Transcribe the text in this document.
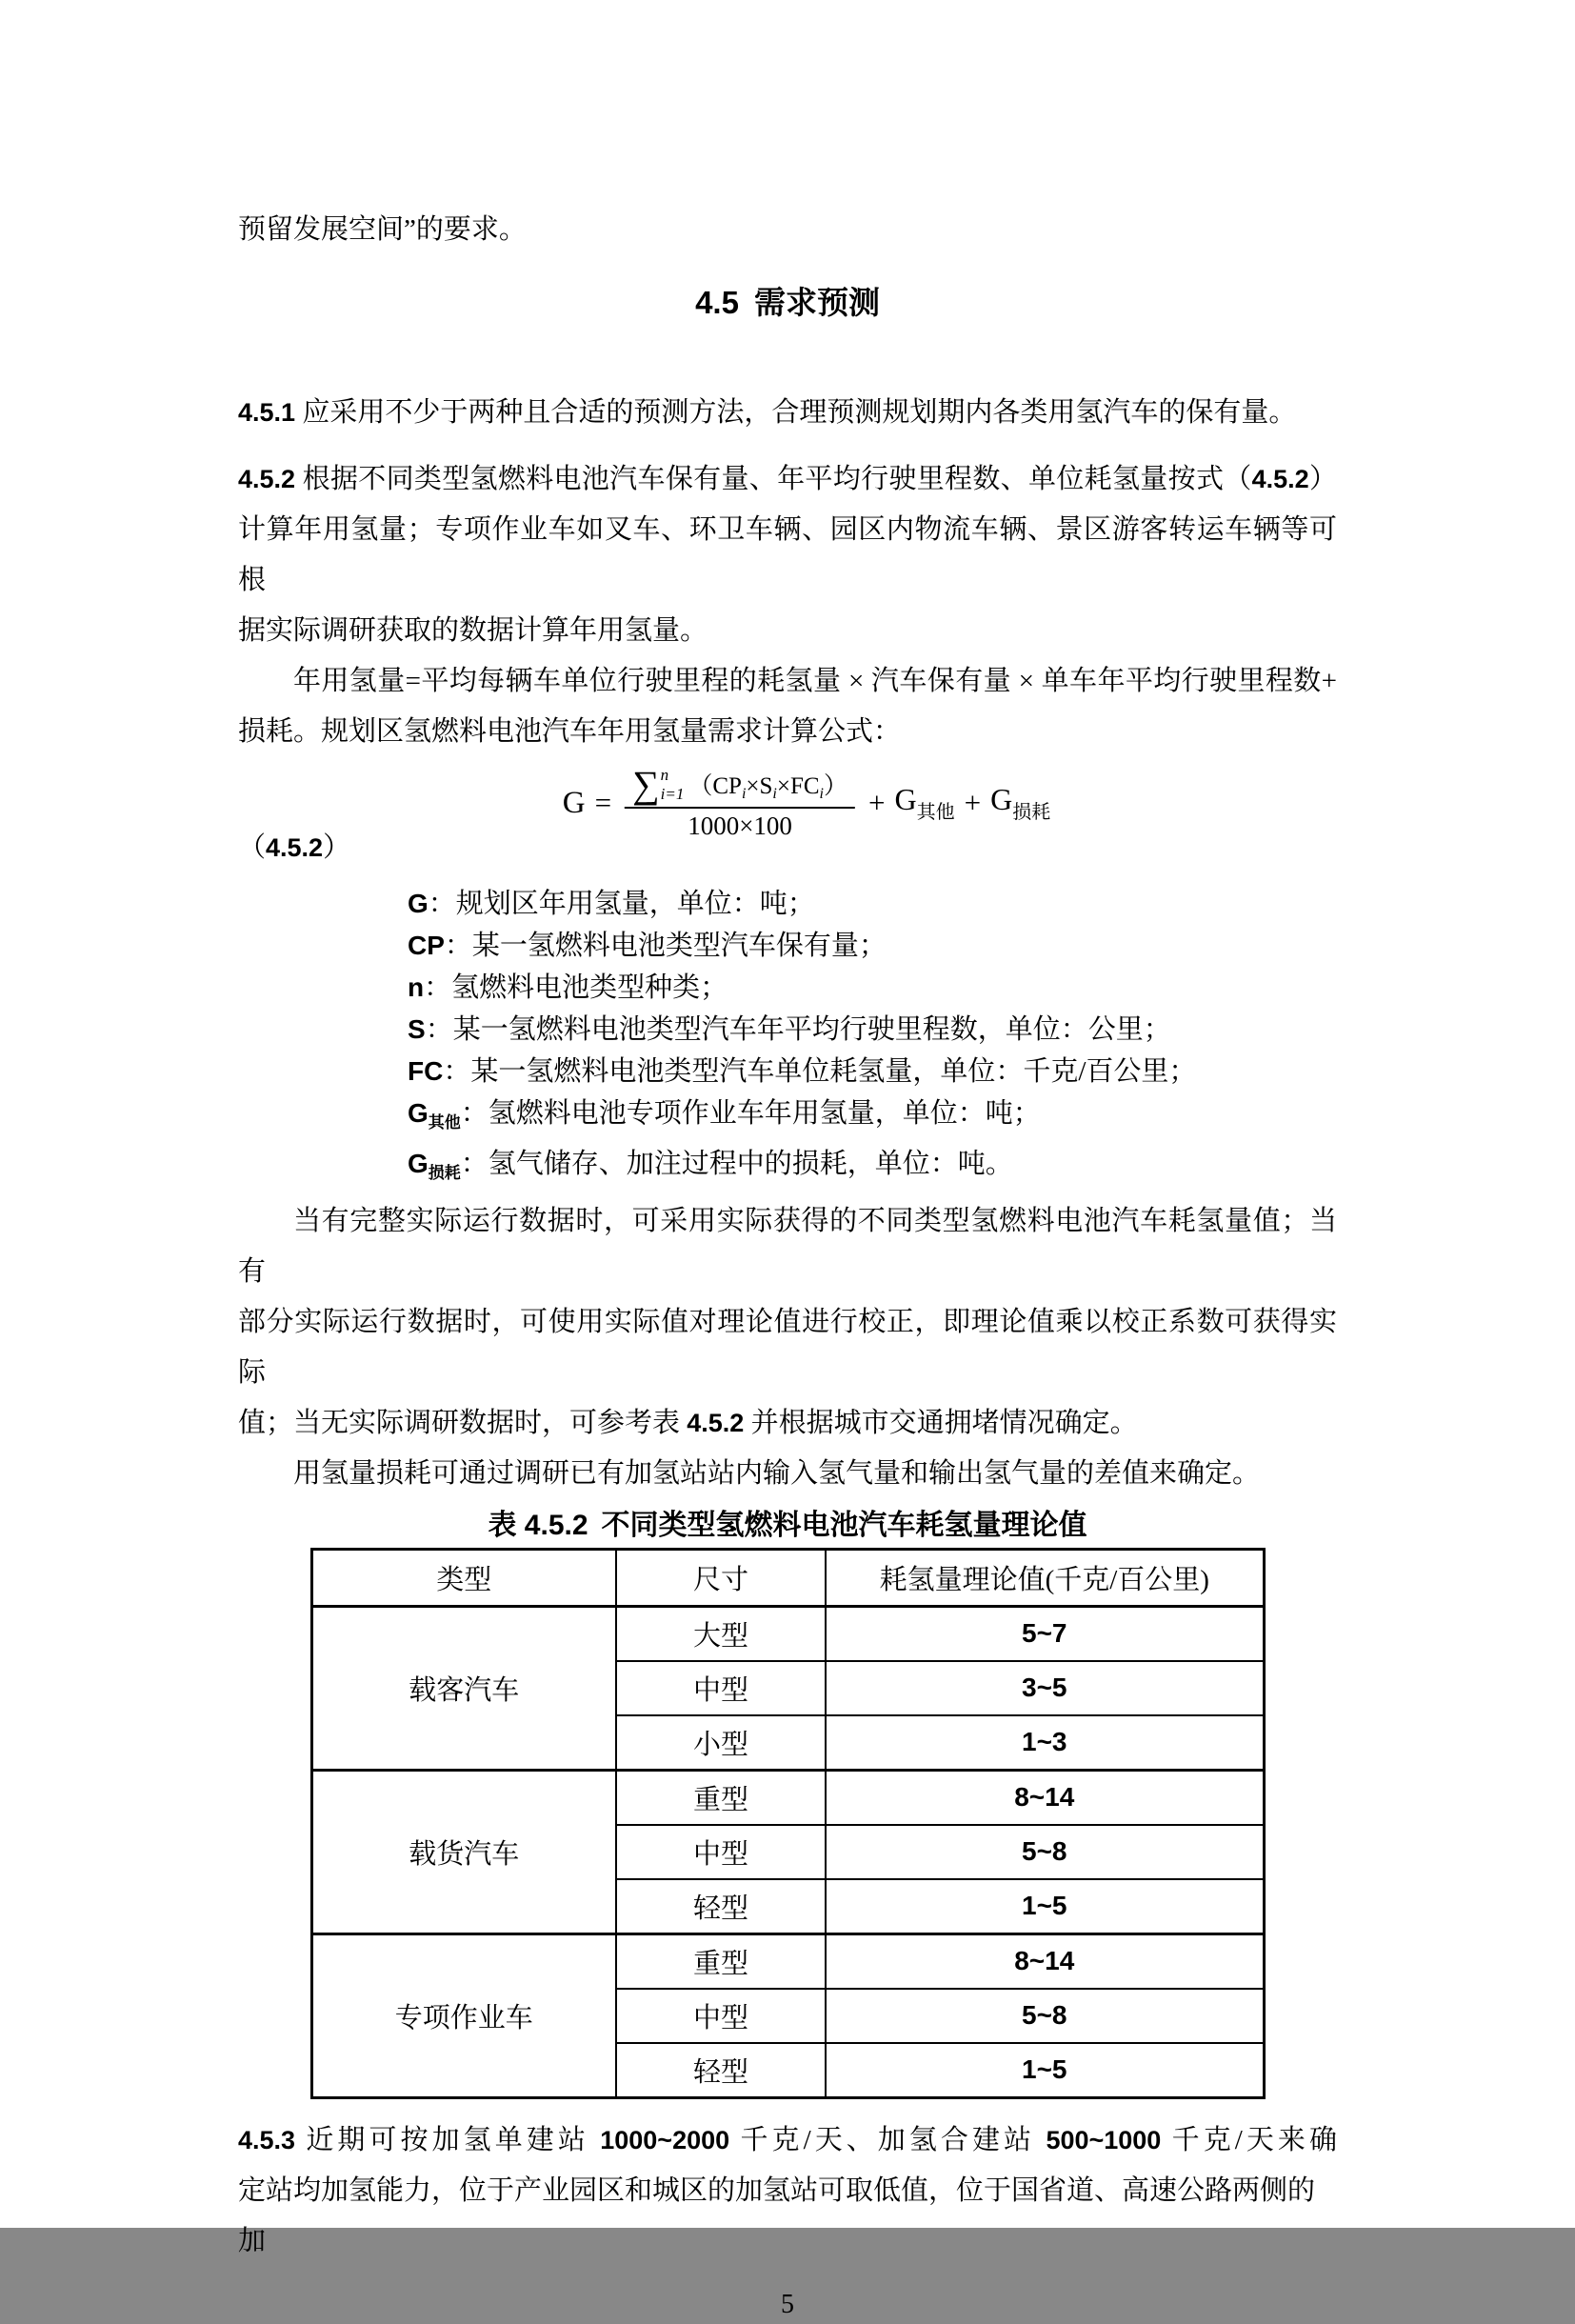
预留发展空间”的要求。
4.5 需求预测
4.5.1 应采用不少于两种且合适的预测方法，合理预测规划期内各类用氢汽车的保有量。
4.5.2 根据不同类型氢燃料电池汽车保有量、年平均行驶里程数、单位耗氢量按式（4.5.2）
计算年用氢量；专项作业车如叉车、环卫车辆、园区内物流车辆、景区游客转运车辆等可根
据实际调研获取的数据计算年用氢量。
年用氢量=平均每辆车单位行驶里程的耗氢量 × 汽车保有量 × 单车年平均行驶里程数+
损耗。规划区氢燃料电池汽车年用氢量需求计算公式：
G = ∑ n
i=1 $(CP_i\times S_i\times FC_i)$
1000×100
+ $G_{其他} + G_{损耗}$
（4.5.2）
G：规划区年用氢量，单位：吨；
CP：某一氢燃料电池类型汽车保有量；
n：氢燃料电池类型种类；
S：某一氢燃料电池类型汽车年平均行驶里程数，单位：公里；
FC：某一氢燃料电池类型汽车单位耗氢量，单位：千克/百公里；
$G_{其他}$：氢燃料电池专项作业车年用氢量，单位：吨；
$G_{损耗}$：氢气储存、加注过程中的损耗，单位：吨。
当有完整实际运行数据时，可采用实际获得的不同类型氢燃料电池汽车耗氢量值；当有
部分实际运行数据时，可使用实际值对理论值进行校正，即理论值乘以校正系数可获得实际
值；当无实际调研数据时，可参考表 4.5.2 并根据城市交通拥堵情况确定。
用氢量损耗可通过调研已有加氢站站内输入氢气量和输出氢气量的差值来确定。
表 4.5.2 不同类型氢燃料电池汽车耗氢量理论值
类型	尺寸	耗氢量理论值(千克/百公里)
载客汽车	大型	5~7
	中型	3~5
	小型	1~3
载货汽车	重型	8~14
	中型	5~8
	轻型	1~5
专项作业车	重型	8~14
	中型	5~8
	轻型	1~5
4.5.3 近期可按加氢单建站 1000~2000 千克/天、加氢合建站 500~1000 千克/天来确
定站均加氢能力，位于产业园区和城区的加氢站可取低值，位于国省道、高速公路两侧的加
5
